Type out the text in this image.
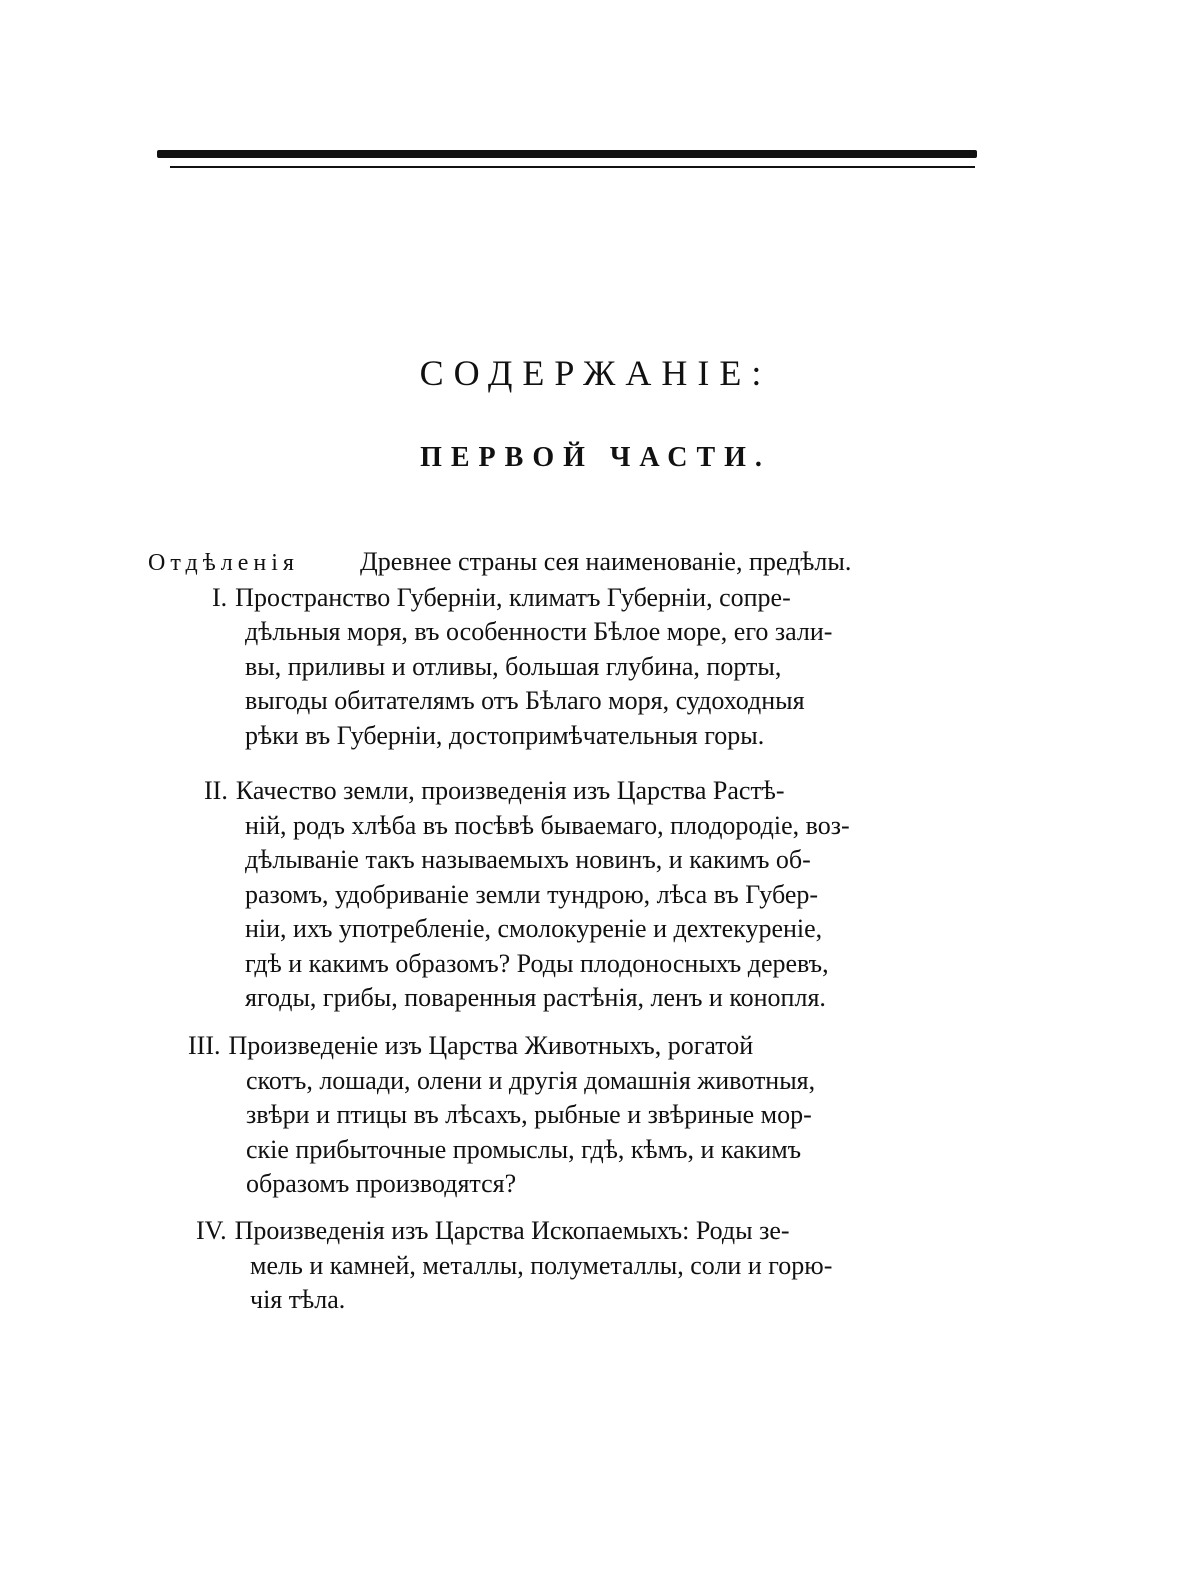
СОДЕРЖАНІЕ:
ПЕРВОЙ ЧАСТИ.
Отдѣленія Древнее страны сея наименованіе, предѣлы.
I. Пространство Губерніи, климатъ Губерніи, сопре-
дѣльныя моря, въ особенности Бѣлое море, его зали-
вы, приливы и отливы, большая глубина, порты,
выгоды обитателямъ отъ Бѣлаго моря, судоходныя
рѣки въ Губерніи, достопримѣчательныя горы.
II. Качество земли, произведенія изъ Царства Растѣ-
ній, родъ хлѣба въ посѣвѣ бываемаго, плодородіе, воз-
дѣлываніе такъ называемыхъ новинъ, и какимъ об-
разомъ, удобриваніе земли тундрою, лѣса въ Губер-
ніи, ихъ употребленіе, смолокуреніе и дехтекуреніе,
гдѣ и какимъ образомъ? Роды плодоносныхъ деревъ,
ягоды, грибы, поваренныя растѣнія, ленъ и конопля.
III. Произведеніе изъ Царства Животныхъ, рогатой
скотъ, лошади, олени и другія домашнія животныя,
звѣри и птицы въ лѣсахъ, рыбные и звѣриные мор-
скіе прибыточные промыслы, гдѣ, кѣмъ, и какимъ
образомъ производятся?
IV. Произведенія изъ Царства Ископаемыхъ: Роды зе-
мель и камней, металлы, полуметаллы, соли и горю-
чія тѣла.
